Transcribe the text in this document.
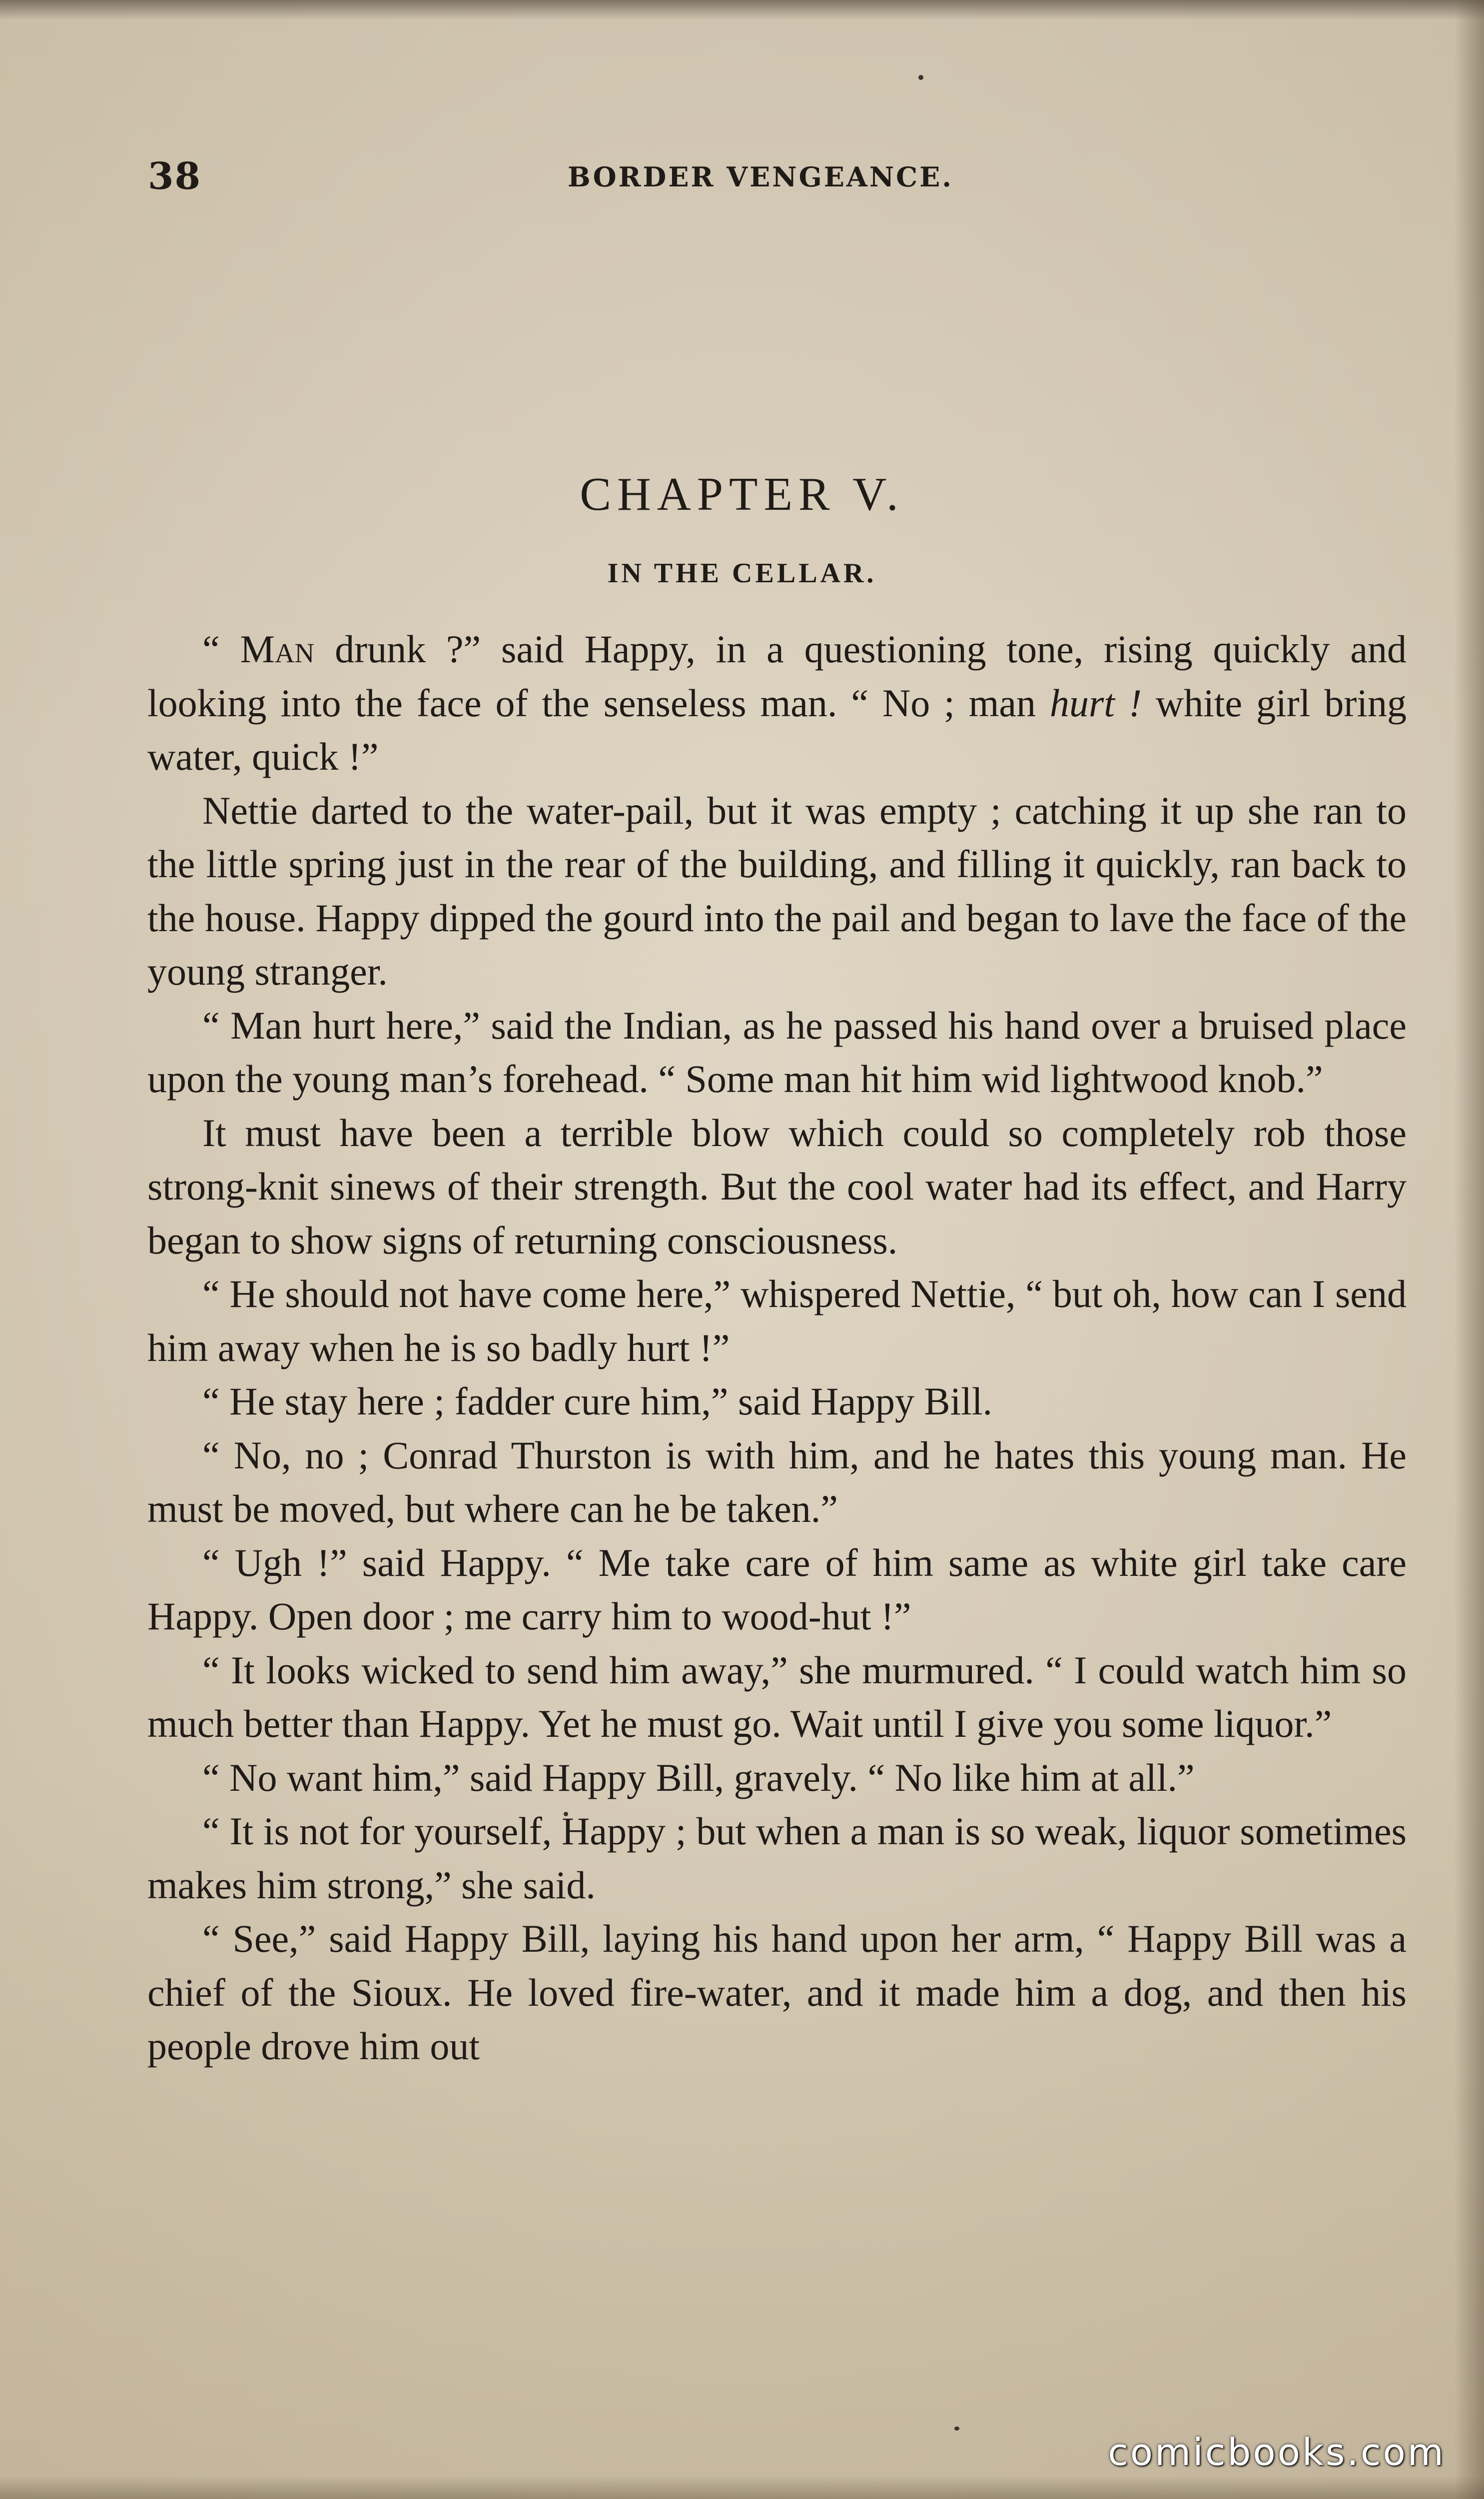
38	BORDER VENGEANCE.
CHAPTER V.
IN THE CELLAR.

“ Man drunk ?” said Happy, in a questioning tone, rising quickly and looking into the face of the senseless man. “ No ; man hurt ! white girl bring water, quick !”

Nettie darted to the water-pail, but it was empty ; catching it up she ran to the little spring just in the rear of the building, and filling it quickly, ran back to the house. Happy dipped the gourd into the pail and began to lave the face of the young stranger.

“ Man hurt here,” said the Indian, as he passed his hand over a bruised place upon the young man’s forehead. “ Some man hit him wid lightwood knob.”

It must have been a terrible blow which could so completely rob those strong-knit sinews of their strength. But the cool water had its effect, and Harry began to show signs of returning consciousness.

“ He should not have come here,” whispered Nettie, “ but oh, how can I send him away when he is so badly hurt !”

“ He stay here ; fadder cure him,” said Happy Bill.

“ No, no ; Conrad Thurston is with him, and he hates this young man. He must be moved, but where can he be taken.”

“ Ugh !” said Happy. “ Me take care of him same as white girl take care Happy. Open door ; me carry him to wood-hut !”

“ It looks wicked to send him away,” she murmured. “ I could watch him so much better than Happy. Yet he must go. Wait until I give you some liquor.”

“ No want him,” said Happy Bill, gravely. “ No like him at all.”

“ It is not for yourself, Happy ; but when a man is so weak, liquor sometimes makes him strong,” she said.

“ See,” said Happy Bill, laying his hand upon her arm, “ Happy Bill was a chief of the Sioux. He loved fire-water, and it made him a dog, and then his people drove him out

comicbooks.com
